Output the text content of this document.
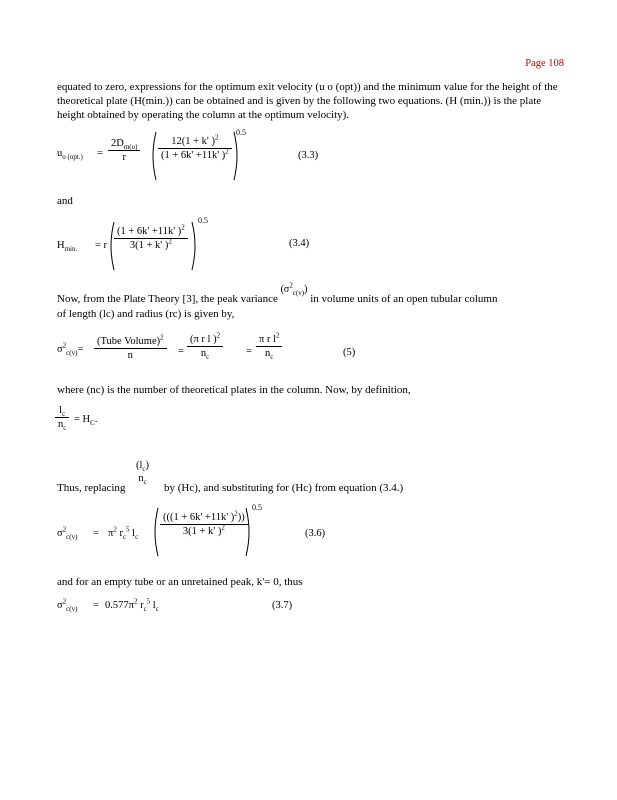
Page 108
equated to zero, expressions for the optimum exit velocity (u o (opt)) and the minimum value for the height of the theoretical plate (H(min.)) can be obtained and is given by the following two equations. (H (min.)) is the plate height obtained by operating the column at the optimum velocity).
$u_{o (opt.)} = \frac{2D_{m(o)}}{r} \frac{12(1 + k' )^2}{(1 + 6k' +11k' )^2}$
0.5
(3.3)
and
$H_{min.} = r \frac{(1 + 6k' +11k' )^2}{3(1 + k' )^2}$
0.5
(3.4)
Now, from the Plate Theory [3], the peak variance $(\sigma^2_{c(v)})$ in volume units of an open tubular column
of length (lc) and radius (rc) is given by,
$\sigma^2_{c(v)}=$
(Tube Volume)$^2$
n	= $\frac{(\pi r l )^2}{n_c} = \frac{\pi r l^2}{n_c}$	(5)
where (nc) is the number of theoretical plates in the column. Now, by definition,
$\frac{l_c}{n_c} = H_C$.
$(l_c)$
$n_c$
Thus, replacing	by (Hc), and substituting for (Hc) from equation (3.4.)
$\sigma^2_{c(v)} = \pi^2$ $r_c^5$ $l_c$
$\frac{(((1 + 6k' +11k' )^2))}{3(1 + k' )^2}$
0.5
(3.6)
and for an empty tube or an unretained peak, k'= 0, thus
$\sigma^2_{c(v)} = 0.577\pi^2$ $r_c^5$ $l_c$	(3.7)
